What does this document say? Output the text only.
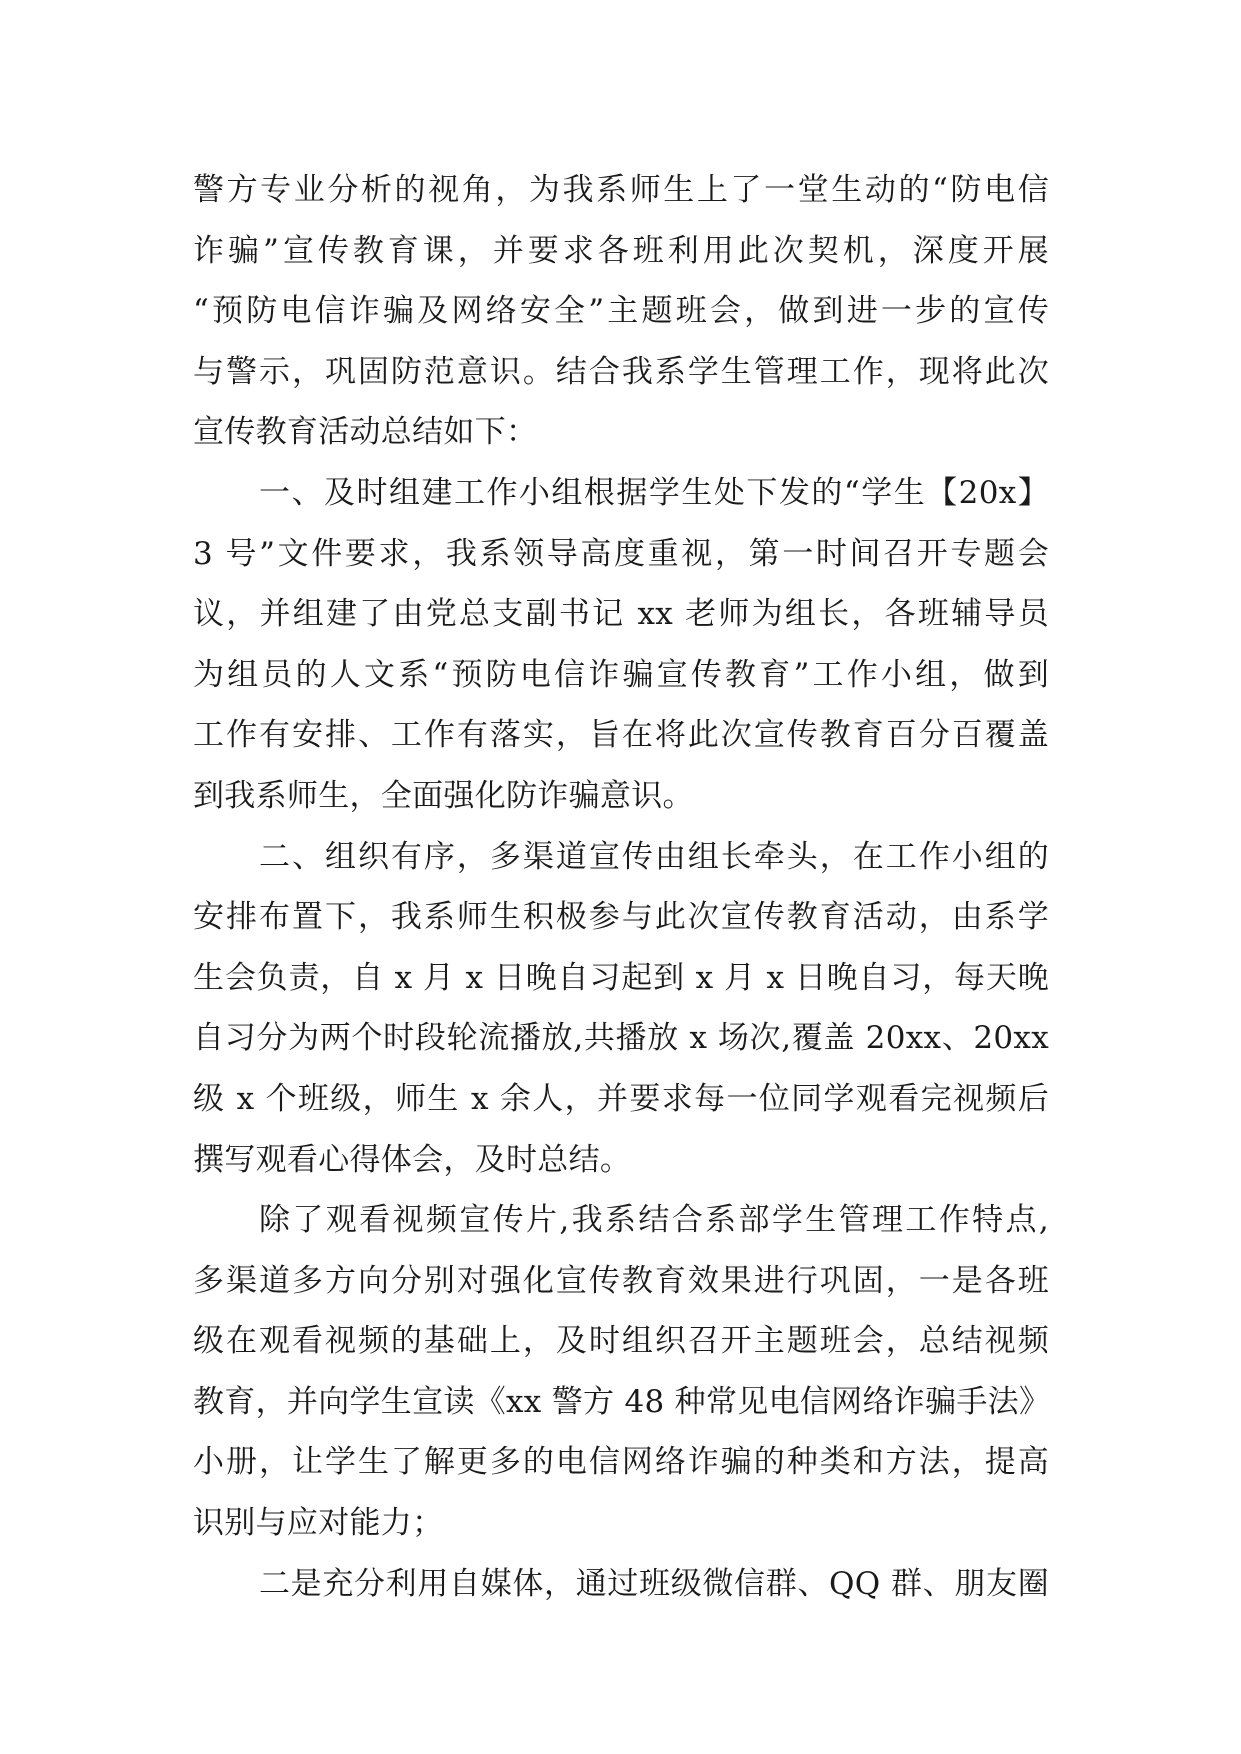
警方专业分析的视角，为我系师生上了一堂生动的“防电信
诈骗”宣传教育课，并要求各班利用此次契机，深度开展
“预防电信诈骗及网络安全”主题班会，做到进一步的宣传
与警示，巩固防范意识。结合我系学生管理工作，现将此次
宣传教育活动总结如下：
一、及时组建工作小组根据学生处下发的“学生【20x】
3 号”文件要求，我系领导高度重视，第一时间召开专题会
议，并组建了由党总支副书记 xx 老师为组长，各班辅导员
为组员的人文系“预防电信诈骗宣传教育”工作小组，做到
工作有安排、工作有落实，旨在将此次宣传教育百分百覆盖
到我系师生，全面强化防诈骗意识。
二、组织有序，多渠道宣传由组长牵头，在工作小组的
安排布置下，我系师生积极参与此次宣传教育活动，由系学
生会负责，自 x 月 x 日晚自习起到 x 月 x 日晚自习，每天晚
自习分为两个时段轮流播放,共播放 x 场次,覆盖 20xx、20xx
级 x 个班级，师生 x 余人，并要求每一位同学观看完视频后
撰写观看心得体会，及时总结。
除了观看视频宣传片,我系结合系部学生管理工作特点,
多渠道多方向分别对强化宣传教育效果进行巩固，一是各班
级在观看视频的基础上，及时组织召开主题班会，总结视频
教育，并向学生宣读《xx 警方 48 种常见电信网络诈骗手法》
小册，让学生了解更多的电信网络诈骗的种类和方法，提高
识别与应对能力；
二是充分利用自媒体，通过班级微信群、QQ 群、朋友圈
